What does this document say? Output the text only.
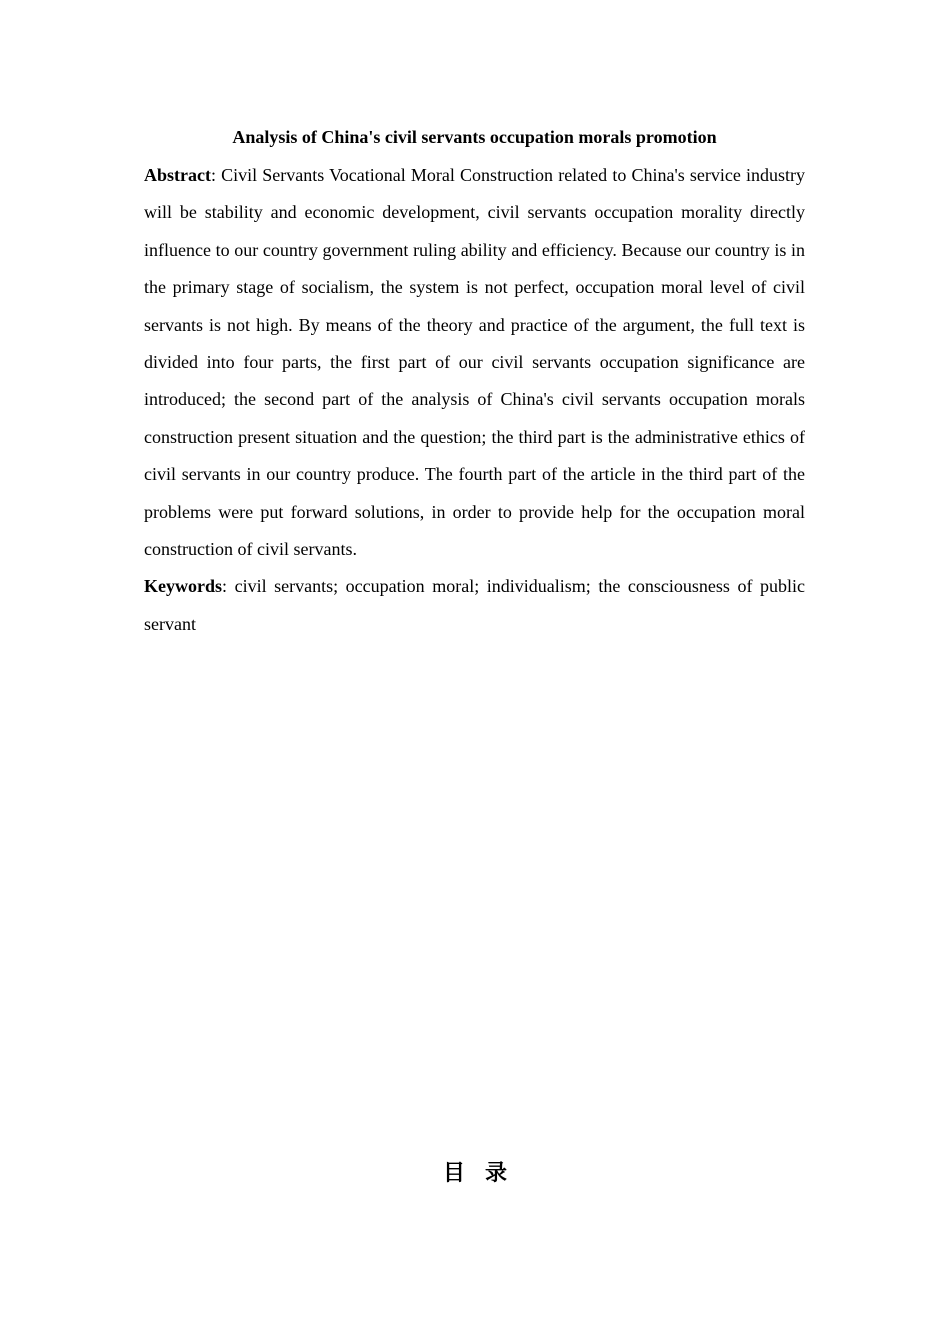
Analysis of China's civil servants occupation morals promotion

Abstract: Civil Servants Vocational Moral Construction related to China's service industry will be stability and economic development, civil servants occupation morality directly influence to our country government ruling ability and efficiency. Because our country is in the primary stage of socialism, the system is not perfect, occupation moral level of civil servants is not high. By means of the theory and practice of the argument, the full text is divided into four parts, the first part of our civil servants occupation significance are introduced; the second part of the analysis of China's civil servants occupation morals construction present situation and the question; the third part is the administrative ethics of civil servants in our country produce. The fourth part of the article in the third part of the problems were put forward solutions, in order to provide help for the occupation moral construction of civil servants.

Keywords: civil servants; occupation moral; individualism; the consciousness of public servant

目录
